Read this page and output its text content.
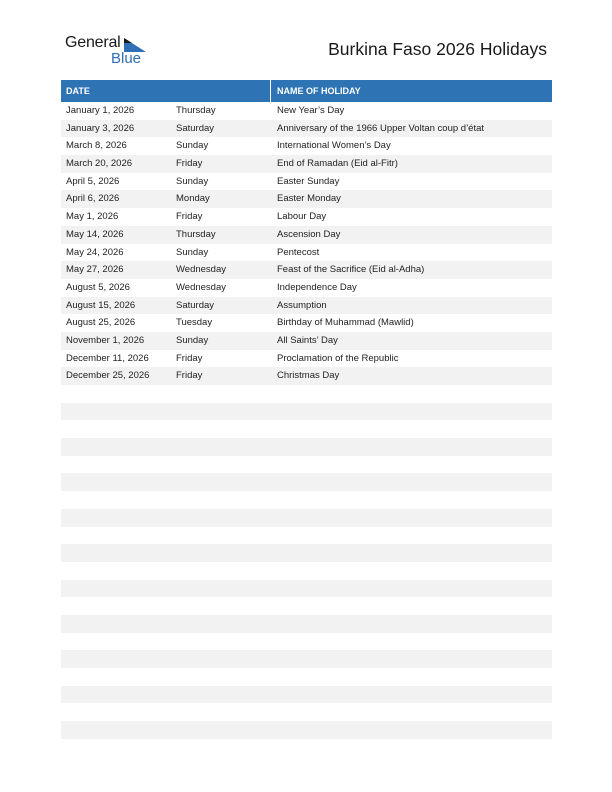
General
Blue	Burkina Faso 2026 Holidays
DATE	NAME OF HOLIDAY
January 1, 2026	Thursday	New Year’s Day
January 3, 2026	Saturday	Anniversary of the 1966 Upper Voltan coup d’état
March 8, 2026	Sunday	International Women’s Day
March 20, 2026	Friday	End of Ramadan (Eid al-Fitr)
April 5, 2026	Sunday	Easter Sunday
April 6, 2026	Monday	Easter Monday
May 1, 2026	Friday	Labour Day
May 14, 2026	Thursday	Ascension Day
May 24, 2026	Sunday	Pentecost
May 27, 2026	Wednesday	Feast of the Sacrifice (Eid al-Adha)
August 5, 2026	Wednesday	Independence Day
August 15, 2026	Saturday	Assumption
August 25, 2026	Tuesday	Birthday of Muhammad (Mawlid)
November 1, 2026	Sunday	All Saints’ Day
December 11, 2026	Friday	Proclamation of the Republic
December 25, 2026	Friday	Christmas Day
